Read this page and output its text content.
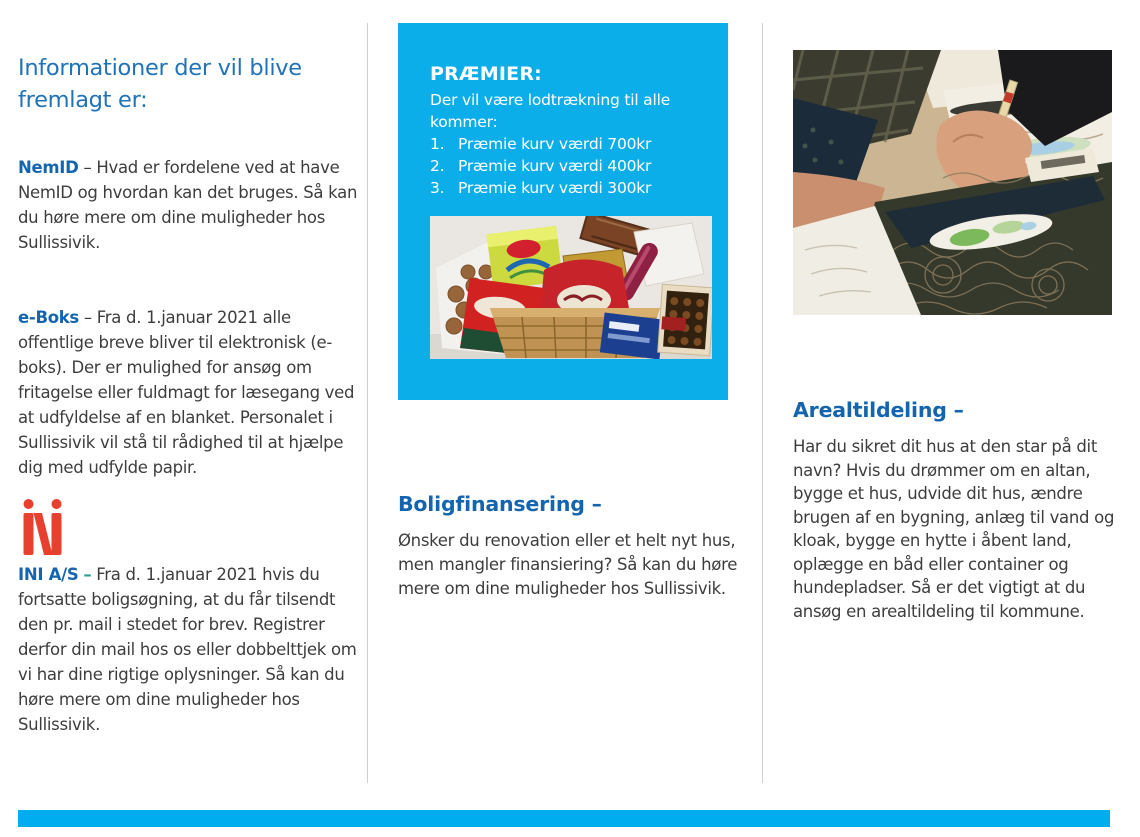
Informationer der vil blive fremlagt er:

NemID – Hvad er fordelene ved at have NemID og hvordan kan det bruges. Så kan du høre mere om dine muligheder hos Sullissivik.

e-Boks – Fra d. 1.januar 2021 alle offentlige breve bliver til elektronisk (e-boks). Der er mulighed for ansøg om fritagelse eller fuldmagt for læsegang ved at udfyldelse af en blanket. Personalet i Sullissivik vil stå til rådighed til at hjælpe dig med udfylde papir.

INI A/S – Fra d. 1.januar 2021 hvis du fortsatte boligsøgning, at du får tilsendt den pr. mail i stedet for brev. Registrer derfor din mail hos os eller dobbelttjek om vi har dine rigtige oplysninger. Så kan du høre mere om dine muligheder hos Sullissivik.

PRÆMIER:

Der vil være lodtrækning til alle kommer:

1. Præmie kurv værdi 700kr
2. Præmie kurv værdi 400kr
3. Præmie kurv værdi 300kr
Boligfinansering –

Ønsker du renovation eller et helt nyt hus, men mangler finansiering? Så kan du høre mere om dine muligheder hos Sullissivik.

Arealtildeling –

Har du sikret dit hus at den star på dit navn? Hvis du drømmer om en altan, bygge et hus, udvide dit hus, ændre brugen af en bygning, anlæg til vand og kloak, bygge en hytte i åbent land, oplægge en båd eller container og hundepladser. Så er det vigtigt at du ansøg en arealtildeling til kommune.
